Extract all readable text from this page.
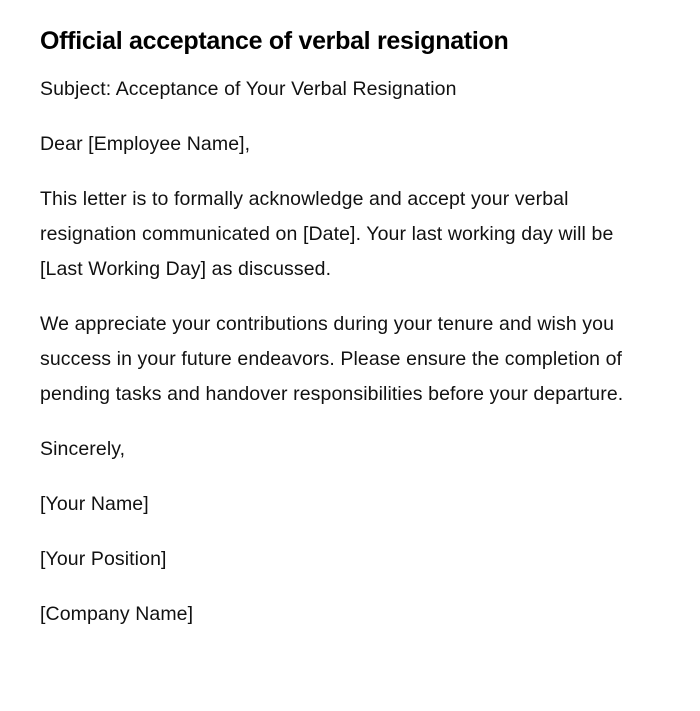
Official acceptance of verbal resignation

Subject: Acceptance of Your Verbal Resignation

Dear [Employee Name],

This letter is to formally acknowledge and accept your verbal resignation communicated on [Date]. Your last working day will be [Last Working Day] as discussed.

We appreciate your contributions during your tenure and wish you success in your future endeavors. Please ensure the completion of pending tasks and handover responsibilities before your departure.

Sincerely,

[Your Name]

[Your Position]

[Company Name]
